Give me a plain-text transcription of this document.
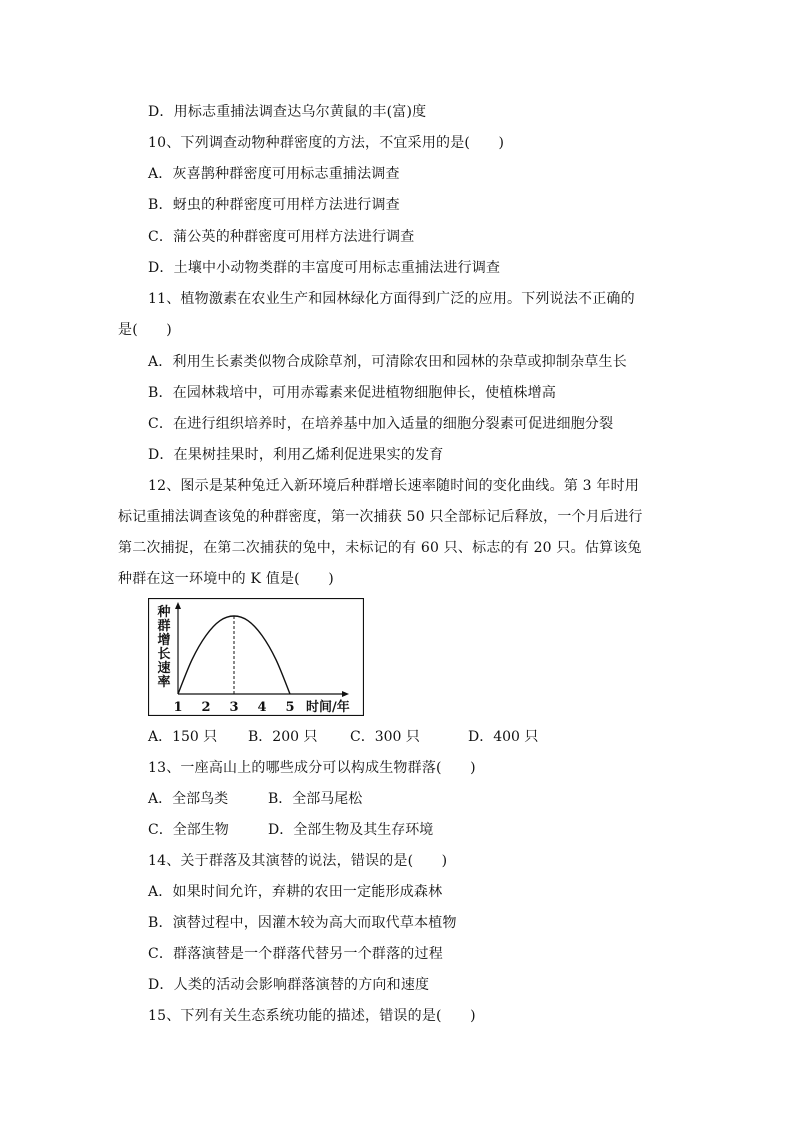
D．用标志重捕法调查达乌尔黄鼠的丰(富)度
10、下列调查动物种群密度的方法，不宜采用的是(　　)
A．灰喜鹊种群密度可用标志重捕法调查
B．蚜虫的种群密度可用样方法进行调查
C．蒲公英的种群密度可用样方法进行调查
D．土壤中小动物类群的丰富度可用标志重捕法进行调查
11、植物激素在农业生产和园林绿化方面得到广泛的应用。下列说法不正确的
是(　　)
A．利用生长素类似物合成除草剂，可清除农田和园林的杂草或抑制杂草生长
B．在园林栽培中，可用赤霉素来促进植物细胞伸长，使植株增高
C．在进行组织培养时，在培养基中加入适量的细胞分裂素可促进细胞分裂
D．在果树挂果时，利用乙烯利促进果实的发育
12、图示是某种兔迁入新环境后种群增长速率随时间的变化曲线。第 3 年时用
标记重捕法调查该兔的种群密度，第一次捕获 50 只全部标记后释放，一个月后进行
第二次捕捉，在第二次捕获的兔中，未标记的有 60 只、标志的有 20 只。估算该兔
种群在这一环境中的 K 值是(　　)
种
群
增
长
速
率
1 2 3 4 5 时间/年
A．150 只 B．200 只 C．300 只	D．400 只
13、一座高山上的哪些成分可以构成生物群落(　　)
A．全部鸟类	B．全部马尾松
C．全部生物	D．全部生物及其生存环境
14、关于群落及其演替的说法，错误的是(　　)
A．如果时间允许，弃耕的农田一定能形成森林
B．演替过程中，因灌木较为高大而取代草本植物
C．群落演替是一个群落代替另一个群落的过程
D．人类的活动会影响群落演替的方向和速度
15、下列有关生态系统功能的描述，错误的是(　　)
